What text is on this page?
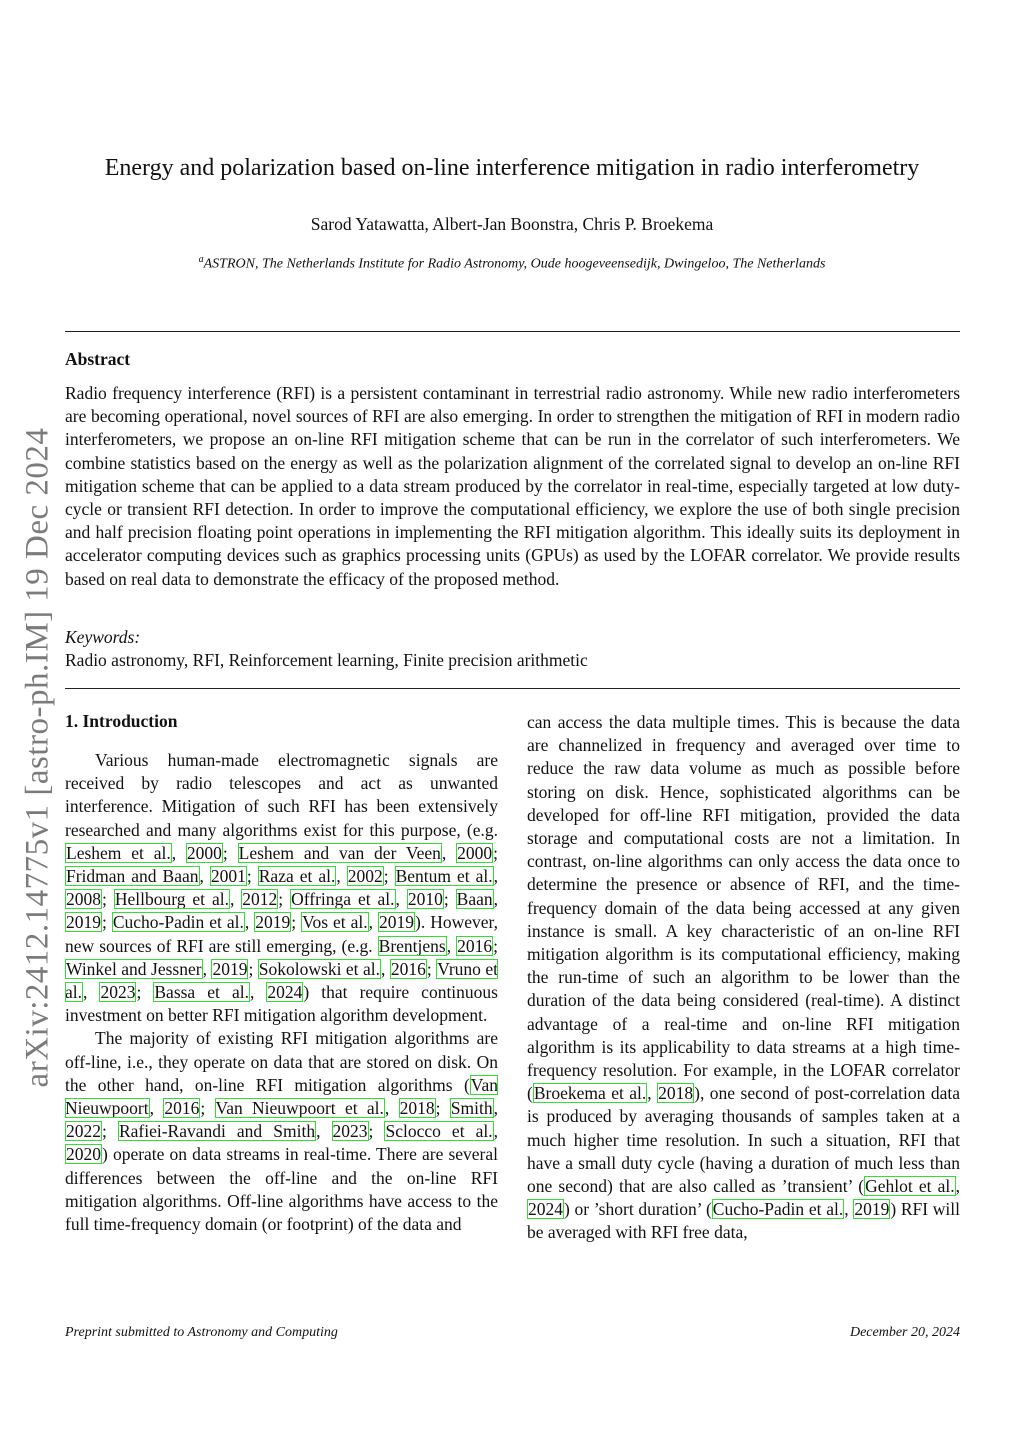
arXiv:2412.14775v1 [astro-ph.IM] 19 Dec 2024
Energy and polarization based on-line interference mitigation in radio interferometry
Sarod Yatawatta, Albert-Jan Boonstra, Chris P. Broekema
$^a$ASTRON, The Netherlands Institute for Radio Astronomy, Oude hoogeveensedijk, Dwingeloo, The Netherlands
Abstract
Radio frequency interference (RFI) is a persistent contaminant in terrestrial radio astronomy. While new radio interferometers are becoming operational, novel sources of RFI are also emerging. In order to strengthen the mitigation of RFI in modern radio interferometers, we propose an on-line RFI mitigation scheme that can be run in the correlator of such interferometers. We combine statistics based on the energy as well as the polarization alignment of the correlated signal to develop an on-line RFI mitigation scheme that can be applied to a data stream produced by the correlator in real-time, especially targeted at low duty-cycle or transient RFI detection. In order to improve the computational efficiency, we explore the use of both single precision and half precision floating point operations in implementing the RFI mitigation algorithm. This ideally suits its deployment in accelerator computing devices such as graphics processing units (GPUs) as used by the LOFAR correlator. We provide results based on real data to demonstrate the efficacy of the proposed method.
Keywords:
Radio astronomy, RFI, Reinforcement learning, Finite precision arithmetic
1. Introduction

Various human-made electromagnetic signals are received by radio telescopes and act as unwanted interference. Mitigation of such RFI has been extensively researched and many algorithms exist for this purpose, (e.g. Leshem et al., 2000; Leshem and van der Veen, 2000; Fridman and Baan, 2001; Raza et al., 2002; Bentum et al., 2008; Hellbourg et al., 2012; Offringa et al., 2010; Baan, 2019; Cucho-Padin et al., 2019; Vos et al., 2019). However, new sources of RFI are still emerging, (e.g. Brentjens, 2016; Winkel and Jessner, 2019; Sokolowski et al., 2016; Vruno et al., 2023; Bassa et al., 2024) that require continuous investment on better RFI mitigation algorithm development.

The majority of existing RFI mitigation algorithms are off-line, i.e., they operate on data that are stored on disk. On the other hand, on-line RFI mitigation algorithms (Van Nieuwpoort, 2016; Van Nieuwpoort et al., 2018; Smith, 2022; Rafiei-Ravandi and Smith, 2023; Sclocco et al., 2020) operate on data streams in real-time. There are several differences between the off-line and the on-line RFI mitigation algorithms. Off-line algorithms have access to the full time-frequency domain (or footprint) of the data and

can access the data multiple times. This is because the data are channelized in frequency and averaged over time to reduce the raw data volume as much as possible before storing on disk. Hence, sophisticated algorithms can be developed for off-line RFI mitigation, provided the data storage and computational costs are not a limitation. In contrast, on-line algorithms can only access the data once to determine the presence or absence of RFI, and the time-frequency domain of the data being accessed at any given instance is small. A key characteristic of an on-line RFI mitigation algorithm is its computational efficiency, making the run-time of such an algorithm to be lower than the duration of the data being considered (real-time). A distinct advantage of a real-time and on-line RFI mitigation algorithm is its applicability to data streams at a high time-frequency resolution. For example, in the LOFAR correlator (Broekema et al., 2018), one second of post-correlation data is produced by averaging thousands of samples taken at a much higher time resolution. In such a situation, RFI that have a small duty cycle (having a duration of much less than one second) that are also called as ’transient’ (Gehlot et al., 2024) or ’short duration’ (Cucho-Padin et al., 2019) RFI will be averaged with RFI free data,

Preprint submitted to Astronomy and Computing	December 20, 2024
